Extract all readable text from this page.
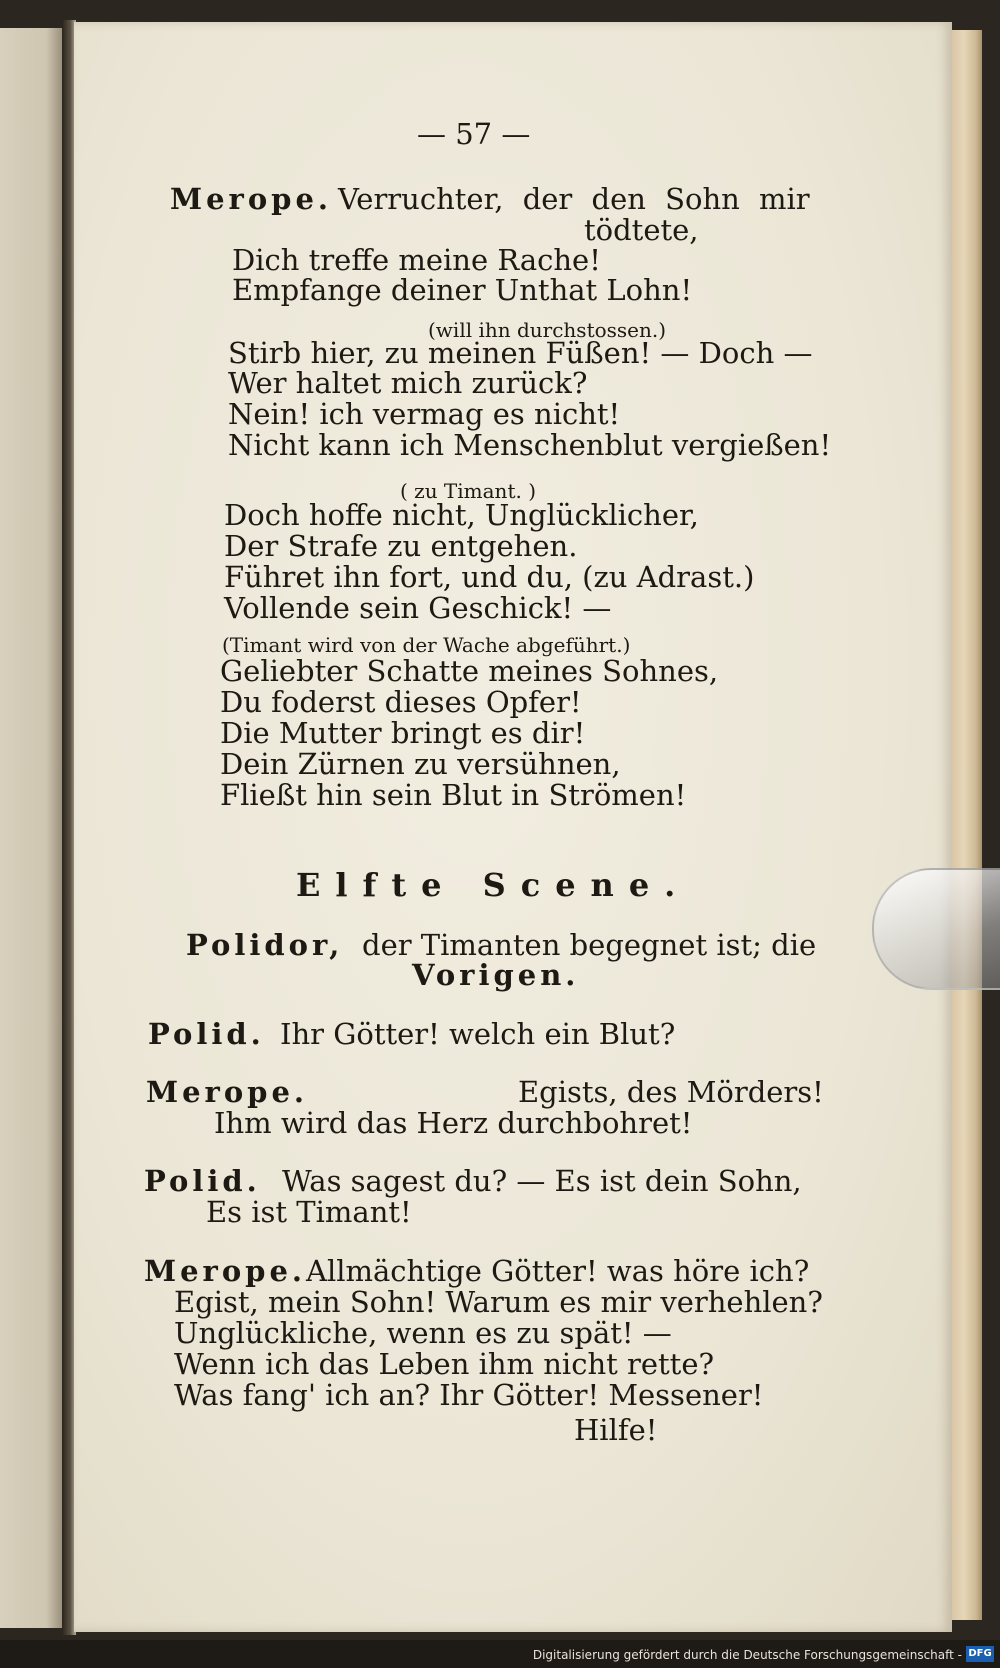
— 57 —
Merope. Verruchter, der den Sohn mir
tödtete,
Dich treffe meine Rache!
Empfange deiner Unthat Lohn!
(will ihn durchstossen.)
Stirb hier, zu meinen Füßen! — Doch —
Wer haltet mich zurück?
Nein! ich vermag es nicht!
Nicht kann ich Menschenblut vergießen!
( zu Timant. )
Doch hoffe nicht, Unglücklicher,
Der Strafe zu entgehen.
Führet ihn fort, und du, (zu Adrast.)
Vollende sein Geschick! —
(Timant wird von der Wache abgeführt.)
Geliebter Schatte meines Sohnes,
Du foderst dieses Opfer!
Die Mutter bringt es dir!
Dein Zürnen zu versühnen,
Fließt hin sein Blut in Strömen!
Elfte Scene.
Polidor, der Timanten begegnet ist; die
Vorigen.
Polid. Ihr Götter! welch ein Blut?
Merope.	Egists, des Mörders!
Ihm wird das Herz durchbohret!
Polid. Was sagest du? — Es ist dein Sohn,
Es ist Timant!
Merope. Allmächtige Götter! was höre ich?
Egist, mein Sohn! Warum es mir verhehlen?
Unglückliche, wenn es zu spät! —
Wenn ich das Leben ihm nicht rette?
Was fang' ich an? Ihr Götter! Messener!
Hilfe!
Digitalisierung gefördert durch die Deutsche Forschungsgemeinschaft - DFG
